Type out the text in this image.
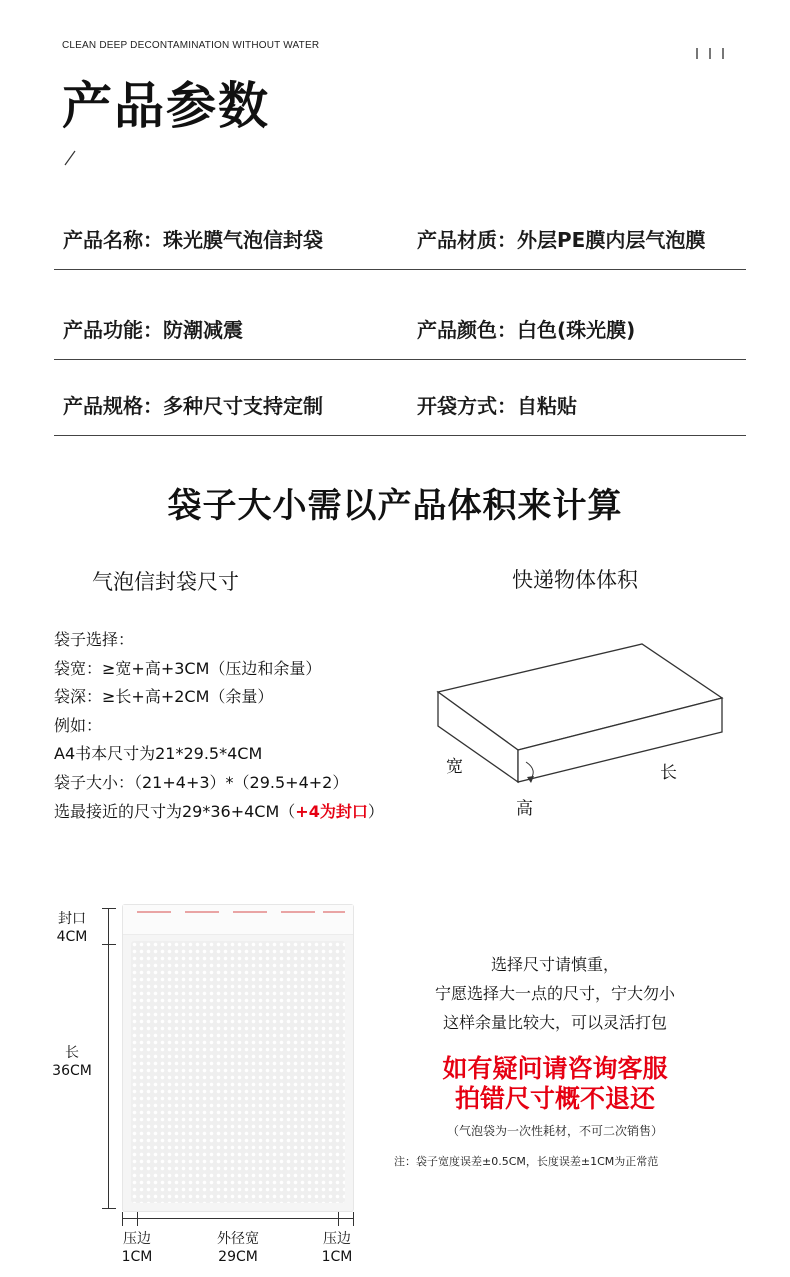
CLEAN DEEP DECONTAMINATION WITHOUT WATER
产品参数
产品名称：珠光膜气泡信封袋	产品材质：外层PE膜内层气泡膜
产品功能：防潮减震	产品颜色：白色(珠光膜)
产品规格：多种尺寸支持定制	开袋方式：自粘贴
袋子大小需以产品体积来计算
气泡信封袋尺寸	快递物体体积
袋子选择：
袋宽：≥宽+高+3CM（压边和余量）
袋深：≥长+高+2CM（余量）
例如：
A4书本尺寸为21*29.5*4CM
袋子大小：（21+4+3）*（29.5+4+2）
选最接近的尺寸为29*36+4CM（+4为封口）
宽	长
高
封口
4CM
长
36CM
压边
1CM
外径宽
29CM
压边
1CM
选择尺寸请慎重，
宁愿选择大一点的尺寸，宁大勿小
这样余量比较大，可以灵活打包
如有疑问请咨询客服
拍错尺寸概不退还
（气泡袋为一次性耗材，不可二次销售）
注：袋子宽度误差±0.5CM，长度误差±1CM为正常范
